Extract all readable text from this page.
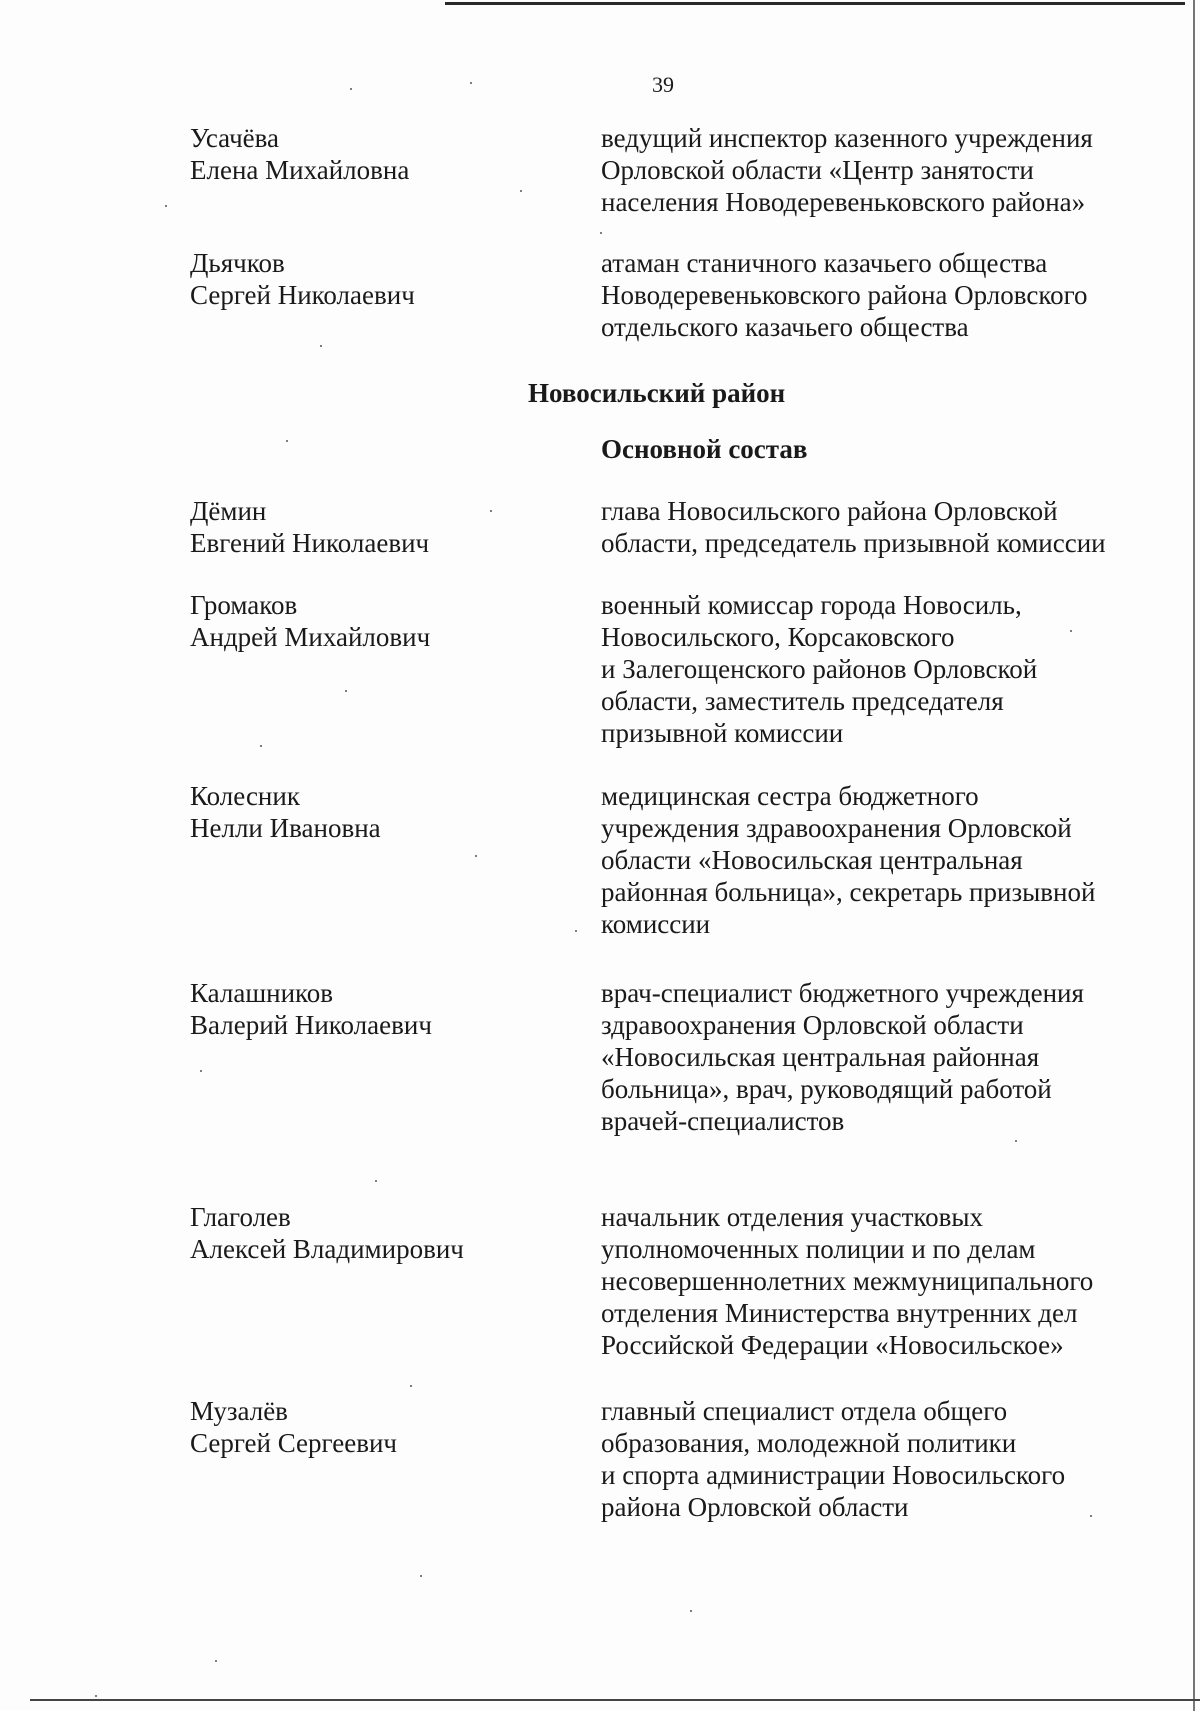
39
Усачёва
Елена Михайловна
ведущий инспектор казенного учреждения
Орловской области «Центр занятости
населения Новодеревеньковского района»
Дьячков
Сергей Николаевич
атаман станичного казачьего общества
Новодеревеньковского района Орловского
отдельского казачьего общества
Новосильский район
Основной состав
Дёмин
Евгений Николаевич
глава Новосильского района Орловской
области, председатель призывной комиссии
Громаков
Андрей Михайлович
военный комиссар города Новосиль,
Новосильского, Корсаковского
и Залегощенского районов Орловской
области, заместитель председателя
призывной комиссии
Колесник
Нелли Ивановна
медицинская сестра бюджетного
учреждения здравоохранения Орловской
области «Новосильская центральная
районная больница», секретарь призывной
комиссии
Калашников
Валерий Николаевич
врач-специалист бюджетного учреждения
здравоохранения Орловской области
«Новосильская центральная районная
больница», врач, руководящий работой
врачей-специалистов
Глаголев
Алексей Владимирович
начальник отделения участковых
уполномоченных полиции и по делам
несовершеннолетних межмуниципального
отделения Министерства внутренних дел
Российской Федерации «Новосильское»
Музалёв
Сергей Сергеевич
главный специалист отдела общего
образования, молодежной политики
и спорта администрации Новосильского
района Орловской области
